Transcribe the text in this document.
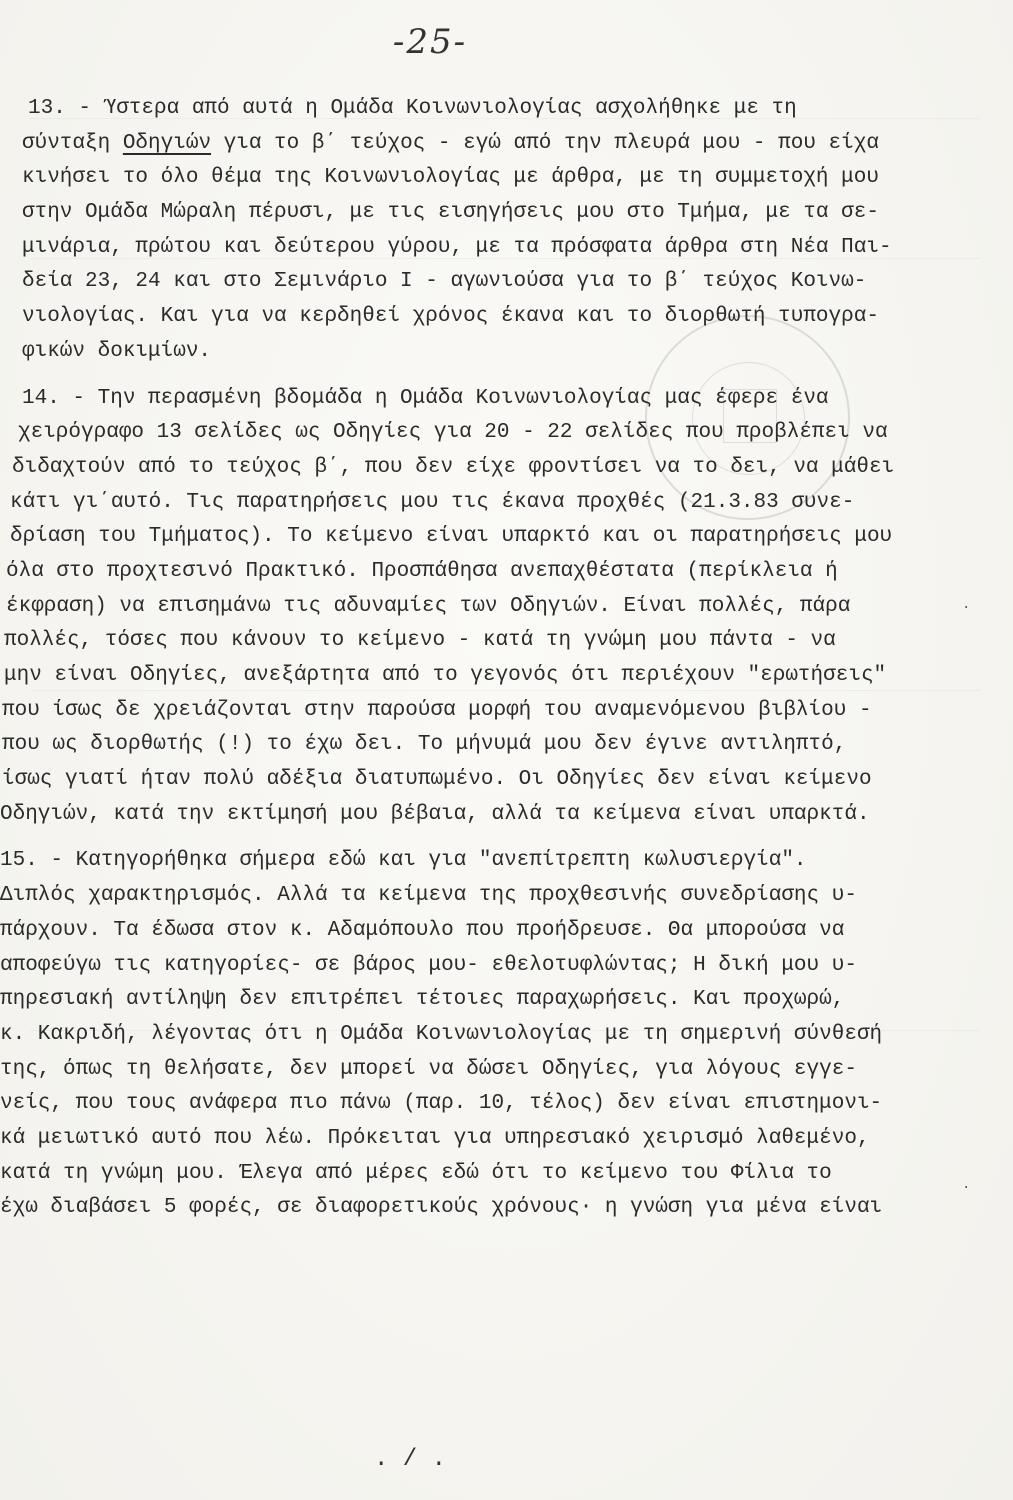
-25-
13. - Ύστερα από αυτά η Ομάδα Κοινωνιολογίας ασχολήθηκε με τη
σύνταξη Οδηγιών για το β΄ τεύχος - εγώ από την πλευρά μου - που είχα
κινήσει το όλο θέμα της Κοινωνιολογίας με άρθρα, με τη συμμετοχή μου
στην Ομάδα Μώραλη πέρυσι, με τις εισηγήσεις μου στο Τμήμα, με τα σε-
μινάρια, πρώτου και δεύτερου γύρου, με τα πρόσφατα άρθρα στη Νέα Παι-
δεία 23, 24 και στο Σεμινάριο Ι - αγωνιούσα για το β΄ τεύχος Κοινω-
νιολογίας. Και για να κερδηθεί χρόνος έκανα και το διορθωτή τυπογρα-
φικών δοκιμίων.
14. - Την περασμένη βδομάδα η Ομάδα Κοινωνιολογίας μας έφερε ένα
χειρόγραφο 13 σελίδες ως Οδηγίες για 20 - 22 σελίδες που προβλέπει να
διδαχτούν από το τεύχος β΄, που δεν είχε φροντίσει να το δει, να μάθει
κάτι γι΄αυτό. Τις παρατηρήσεις μου τις έκανα προχθές (21.3.83 συνε-
δρίαση του Τμήματος). Το κείμενο είναι υπαρκτό και οι παρατηρήσεις μου
όλα στο προχτεσινό Πρακτικό. Προσπάθησα ανεπαχθέστατα (περίκλεια ή
έκφραση) να επισημάνω τις αδυναμίες των Οδηγιών. Είναι πολλές, πάρα
πολλές, τόσες που κάνουν το κείμενο - κατά τη γνώμη μου πάντα - να
μην είναι Οδηγίες, ανεξάρτητα από το γεγονός ότι περιέχουν "ερωτήσεις"
που ίσως δε χρειάζονται στην παρούσα μορφή του αναμενόμενου βιβλίου -
που ως διορθωτής (!) το έχω δει. Το μήνυμά μου δεν έγινε αντιληπτό,
ίσως γιατί ήταν πολύ αδέξια διατυπωμένο. Οι Οδηγίες δεν είναι κείμενο
Οδηγιών, κατά την εκτίμησή μου βέβαια, αλλά τα κείμενα είναι υπαρκτά.
15. - Κατηγορήθηκα σήμερα εδώ και για "ανεπίτρεπτη κωλυσιεργία".
Διπλός χαρακτηρισμός. Αλλά τα κείμενα της προχθεσινής συνεδρίασης υ-
πάρχουν. Τα έδωσα στον κ. Αδαμόπουλο που προήδρευσε. Θα μπορούσα να
αποφεύγω τις κατηγορίες- σε βάρος μου- εθελοτυφλώντας; Η δική μου υ-
πηρεσιακή αντίληψη δεν επιτρέπει τέτοιες παραχωρήσεις. Και προχωρώ,
κ. Κακριδή, λέγοντας ότι η Ομάδα Κοινωνιολογίας με τη σημερινή σύνθεσή
της, όπως τη θελήσατε, δεν μπορεί να δώσει Οδηγίες, για λόγους εγγε-
νείς, που τους ανάφερα πιο πάνω (παρ. 10, τέλος) δεν είναι επιστημονι-
κά μειωτικό αυτό που λέω. Πρόκειται για υπηρεσιακό χειρισμό λαθεμένο,
κατά τη γνώμη μου. Έλεγα από μέρες εδώ ότι το κείμενο του Φίλια το
έχω διαβάσει 5 φορές, σε διαφορετικούς χρόνους· η γνώση για μένα είναι
·
·
. / .
